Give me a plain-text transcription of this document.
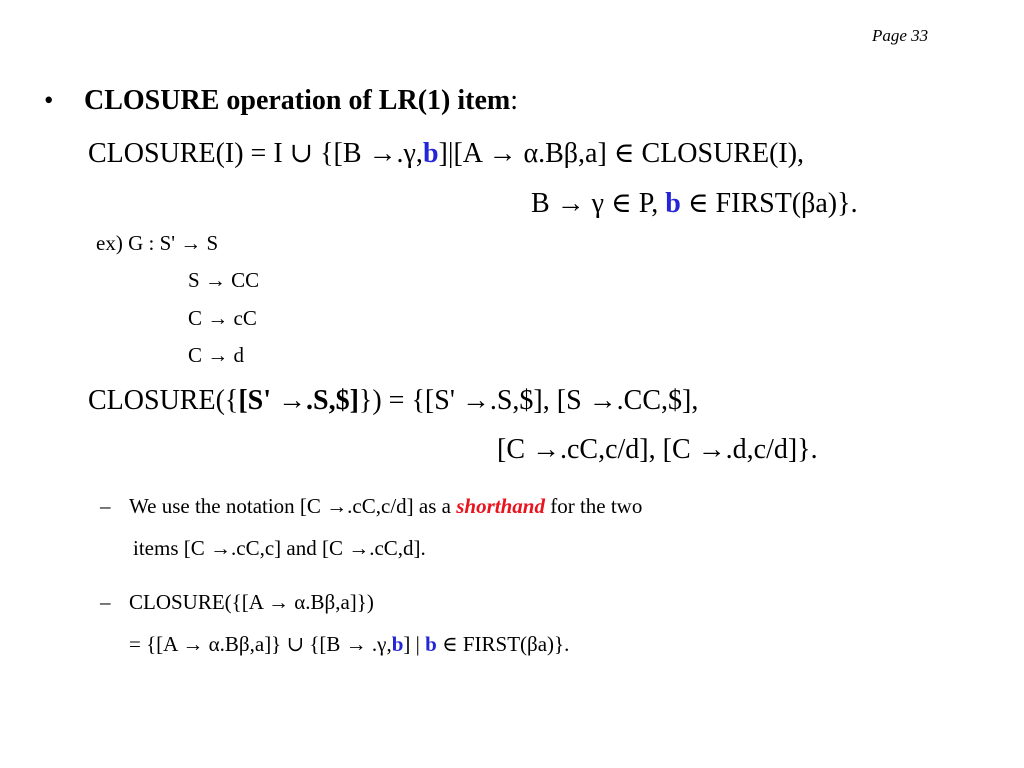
Page 33
• CLOSURE operation of LR(1) item:
CLOSURE(I) = I ∪ {[B →.γ,b]|[A → α.Bβ,a] ∈ CLOSURE(I),
B → γ ∈ P, b ∈ FIRST(βa)}.
ex) G : S' → S
S → CC
C → cC
C → d
CLOSURE({[S' →.S,$]}) = {[S' →.S,$], [S →.CC,$],
[C →.cC,c/d], [C →.d,c/d]}.
– We use the notation [C →.cC,c/d] as a shorthand for the two
items [C →.cC,c] and [C →.cC,d].
– CLOSURE({[A → α.Bβ,a]})
= {[A → α.Bβ,a]} ∪ {[B → .γ,b] | b ∈ FIRST(βa)}.
